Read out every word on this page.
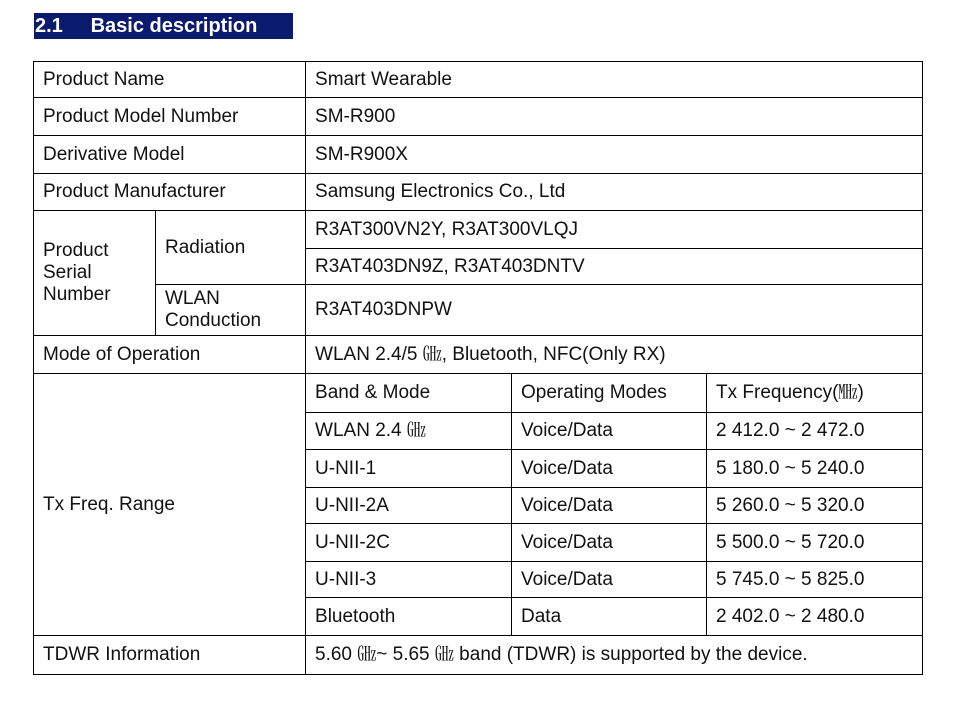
2.1 Basic description
Product Name		Smart Wearable		
Product Model Number		SM-R900		
Derivative Model		SM-R900X		
Product Manufacturer		Samsung Electronics Co., Ltd		
Product Serial Number	Radiation	R3AT300VN2Y, R3AT300VLQJ		
		R3AT403DN9Z, R3AT403DNTV		
	WLAN Conduction	R3AT403DNPW		
Mode of Operation		WLAN 2.4/5 ㎓, Bluetooth, NFC(Only RX)		
Tx Freq. Range		Band & Mode	Operating Modes	Tx Frequency(㎒)
		WLAN 2.4 ㎓	Voice/Data	2 412.0 ~ 2 472.0
		U-NII-1	Voice/Data	5 180.0 ~ 5 240.0
		U-NII-2A	Voice/Data	5 260.0 ~ 5 320.0
		U-NII-2C	Voice/Data	5 500.0 ~ 5 720.0
		U-NII-3	Voice/Data	5 745.0 ~ 5 825.0
		Bluetooth	Data	2 402.0 ~ 2 480.0
TDWR Information		5.60 ㎓~ 5.65 ㎓ band (TDWR) is supported by the device.		
